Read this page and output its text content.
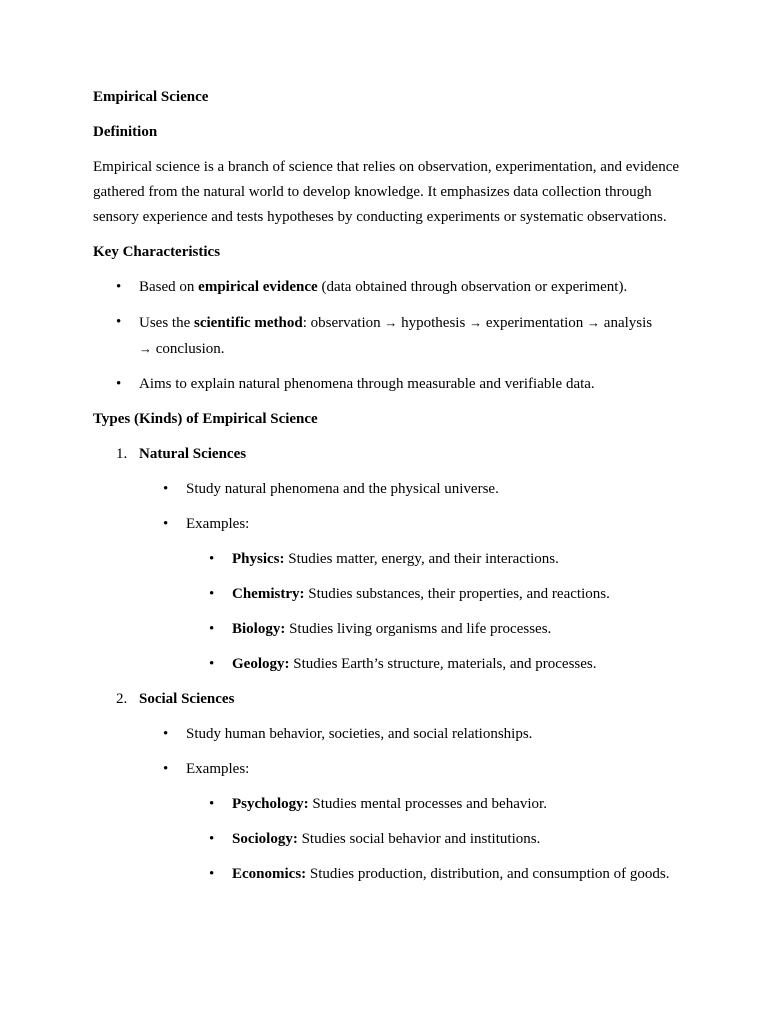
Empirical Science
Definition
Empirical science is a branch of science that relies on observation, experimentation, and evidence gathered from the natural world to develop knowledge. It emphasizes data collection through sensory experience and tests hypotheses by conducting experiments or systematic observations.
Key Characteristics
• Based on empirical evidence (data obtained through observation or experiment).
• Uses the scientific method: observation → hypothesis → experimentation → analysis
→ conclusion.
• Aims to explain natural phenomena through measurable and verifiable data.
Types (Kinds) of Empirical Science
1. Natural Sciences
• Study natural phenomena and the physical universe.
• Examples:
• Physics: Studies matter, energy, and their interactions.
• Chemistry: Studies substances, their properties, and reactions.
• Biology: Studies living organisms and life processes.
• Geology: Studies Earth’s structure, materials, and processes.
2. Social Sciences
• Study human behavior, societies, and social relationships.
• Examples:
• Psychology: Studies mental processes and behavior.
• Sociology: Studies social behavior and institutions.
• Economics: Studies production, distribution, and consumption of goods.
